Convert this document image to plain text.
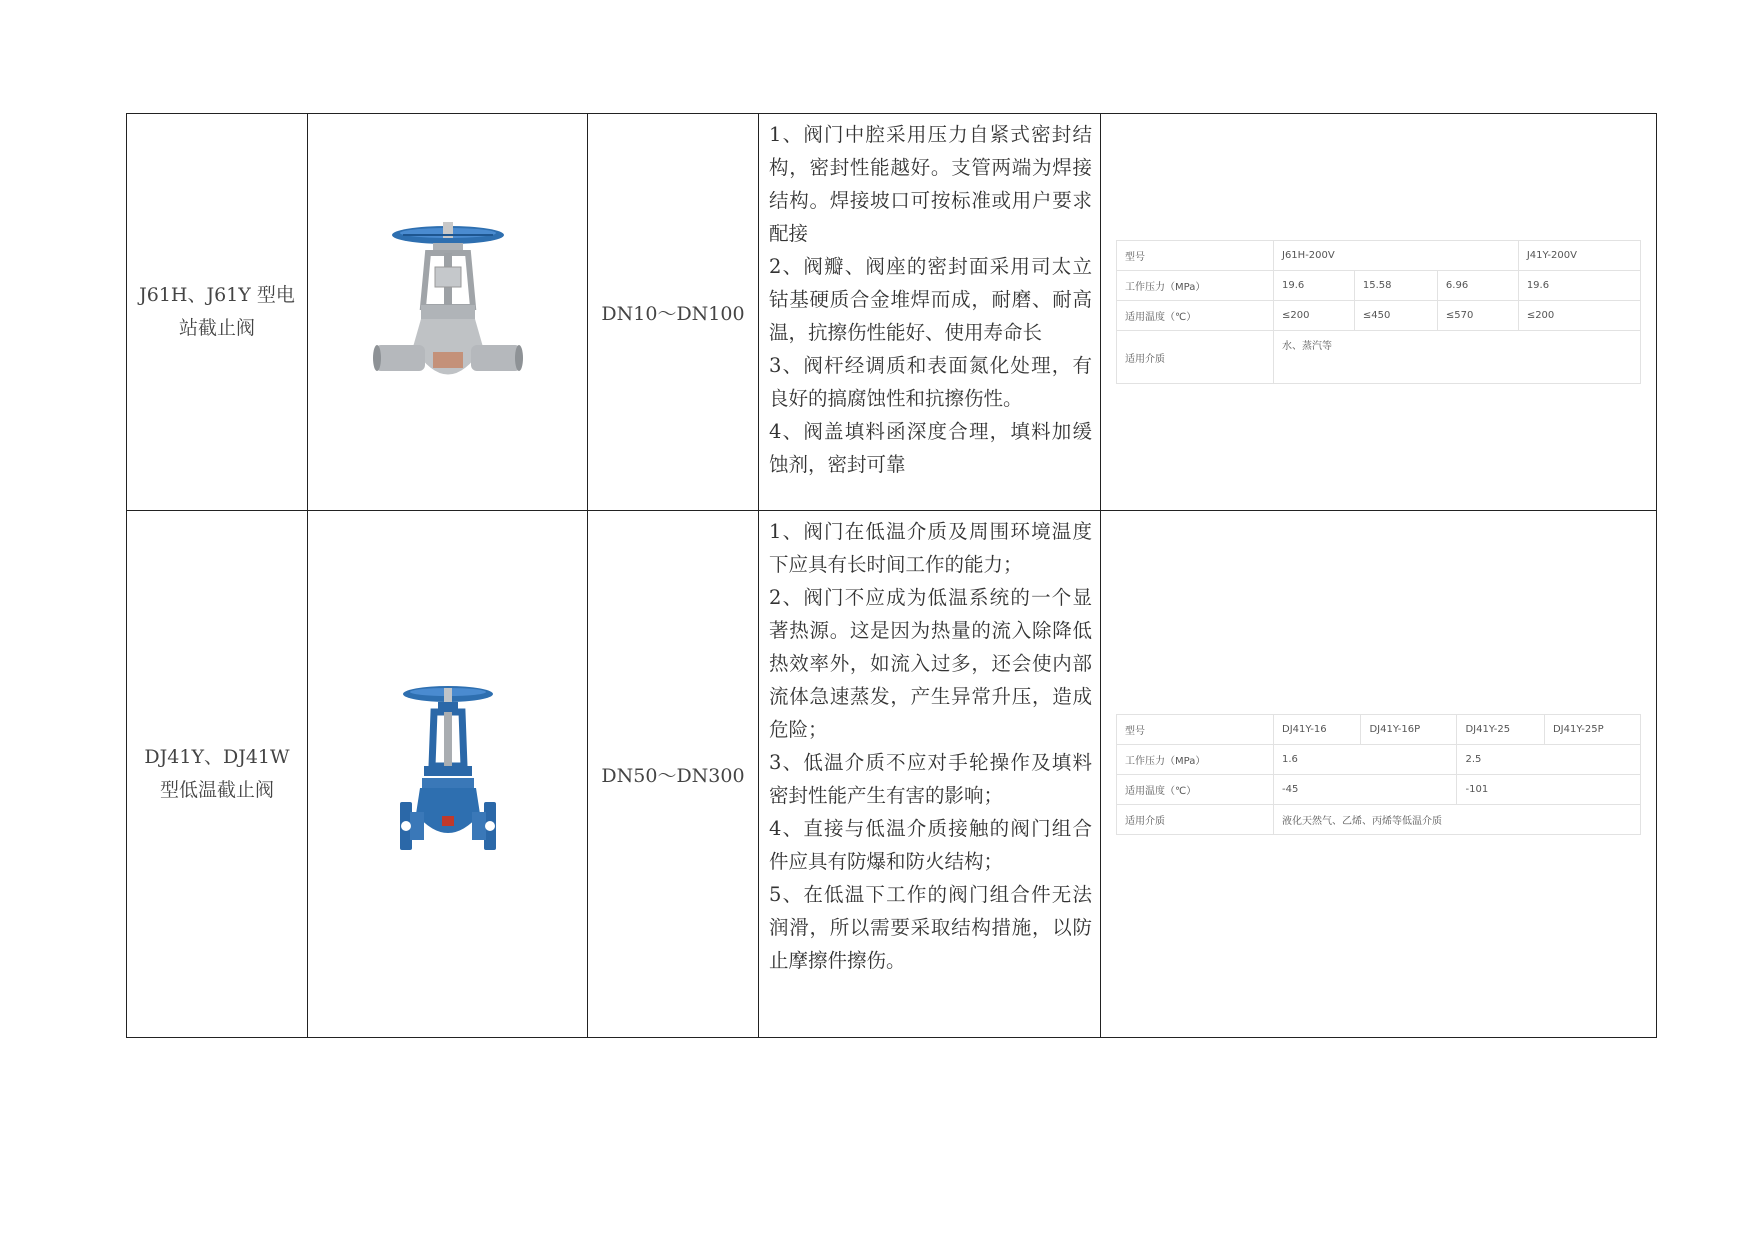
J61H、J61Y 型电站截止阀	
	DN10～DN100	

1、阀门中腔采用压力自紧式密封结构，密封性能越好。支管两端为焊接结构。焊接坡口可按标准或用户要求配接

2、阀瓣、阀座的密封面采用司太立钴基硬质合金堆焊而成，耐磨、耐高温，抗擦伤性能好、使用寿命长

3、阀杆经调质和表面氮化处理，有良好的搞腐蚀性和抗擦伤性。

4、阀盖填料函深度合理，填料加缓蚀剂，密封可靠

型号	J61H-200V	J41Y-200V
工作压力（MPa）	19.6	15.58	6.96	19.6
适用温度（℃）	≤200	≤450	≤570	≤200
适用介质	水、蒸汽等

DJ41Y、DJ41W 型低温截止阀	
	DN50～DN300	

1、阀门在低温介质及周围环境温度下应具有长时间工作的能力；

2、阀门不应成为低温系统的一个显著热源。这是因为热量的流入除降低热效率外，如流入过多，还会使内部流体急速蒸发，产生异常升压，造成危险；

3、低温介质不应对手轮操作及填料密封性能产生有害的影响；

4、直接与低温介质接触的阀门组合件应具有防爆和防火结构；

5、在低温下工作的阀门组合件无法润滑，所以需要采取结构措施，以防止摩擦件擦伤。

型号	DJ41Y-16	DJ41Y-16P	DJ41Y-25	DJ41Y-25P
工作压力（MPa）	1.6	2.5
适用温度（℃）	-45	-101
适用介质	液化天然气、乙烯、丙烯等低温介质
